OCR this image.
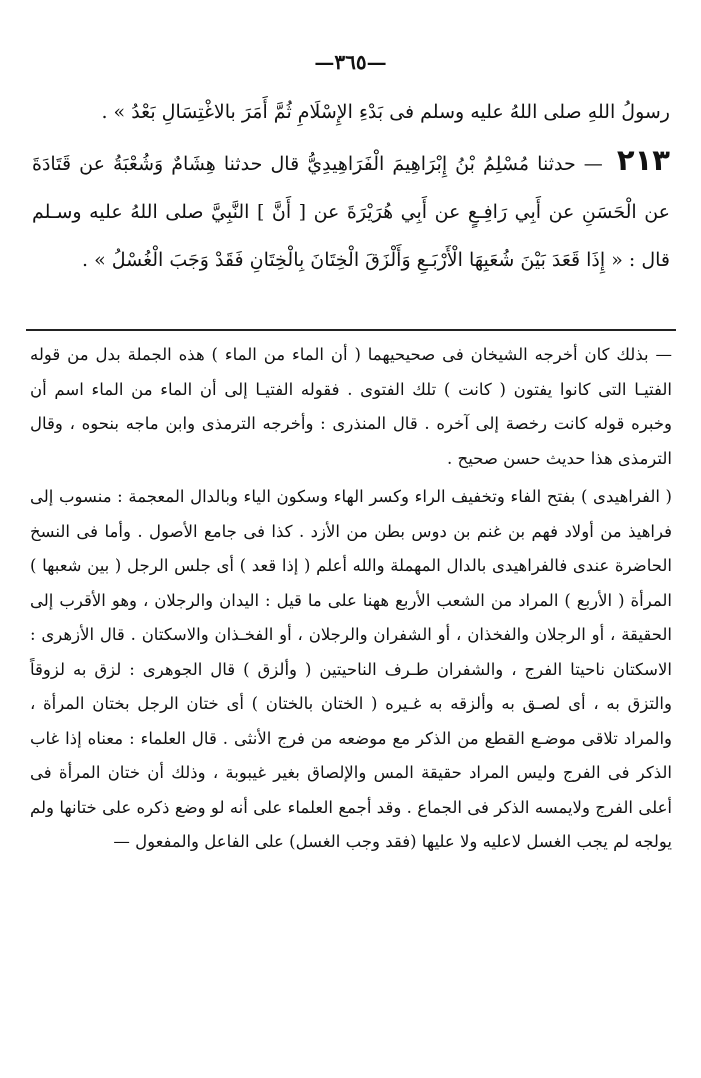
—٣٦٥—

رسولُ اللهِ صلى اللهُ عليه وسلم فى بَدْءِ الإِسْلَامِ ثُمَّ أَمَرَ بالاغْتِسَالِ بَعْدُ » .

٢١٣ — حدثنا مُسْلِمُ بْنُ إِبْرَاهِيمَ الْفَرَاهِيدِيُّ قال حدثنا هِشَامٌ وَشُعْبَةُ عن قَتَادَةَ عن الْحَسَنِ عن أَبِي رَافِـعٍ عن أَبِي هُرَيْرَةَ عن [ أَنَّ ] النَّبِيَّ صلى اللهُ عليه وسـلم قال : « إِذَا قَعَدَ بَيْنَ شُعَبِهَا الْأَرْبَـعِ وَأَلْزَقَ الْخِتَانَ بِالْخِتَانِ فَقَدْ وَجَبَ الْغُسْلُ » .

— بذلك كان أخرجه الشيخان فى صحيحيهما ( أن الماء من الماء ) هذه الجملة بدل من قوله الفتيـا التى كانوا يفتون ( كانت ) تلك الفتوى . فقوله الفتيـا إلى أن الماء من الماء اسم أن وخبره قوله كانت رخصة إلى آخره . قال المنذرى : وأخرجه الترمذى وابن ماجه بنحوه ، وقال الترمذى هذا حديث حسن صحيح .

( الفراهيدى ) بفتح الفاء وتخفيف الراء وكسر الهاء وسكون الياء وبالدال المعجمة : منسوب إلى فراهيذ من أولاد فهم بن غنم بن دوس بطن من الأزد . كذا فى جامع الأصول . وأما فى النسخ الحاضرة عندى فالفراهيدى بالدال المهملة والله أعلم ( إذا قعد ) أى جلس الرجل ( بين شعبها ) المرأة ( الأربع ) المراد من الشعب الأربع ههنا على ما قيل : اليدان والرجلان ، وهو الأقرب إلى الحقيقة ، أو الرجلان والفخذان ، أو الشفران والرجلان ، أو الفخـذان والاسكتان . قال الأزهرى : الاسكتان ناحيتا الفرج ، والشفران طـرف الناحيتين ( وألزق ) قال الجوهرى : لزق به لزوقاً والتزق به ، أى لصـق به وألزقه به غـيره ( الختان بالختان ) أى ختان الرجل بختان المرأة ، والمراد تلاقى موضـع القطع من الذكر مع موضعه من فرج الأنثى . قال العلماء : معناه إذا غاب الذكر فى الفرج وليس المراد حقيقة المس والإلصاق بغير غيبوبة ، وذلك أن ختان المرأة فى أعلى الفرج ولايمسه الذكر فى الجماع . وقد أجمع العلماء على أنه لو وضع ذكره على ختانها ولم يولجه لم يجب الغسل لاعليه ولا عليها (فقد وجب الغسل) على الفاعل والمفعول —
